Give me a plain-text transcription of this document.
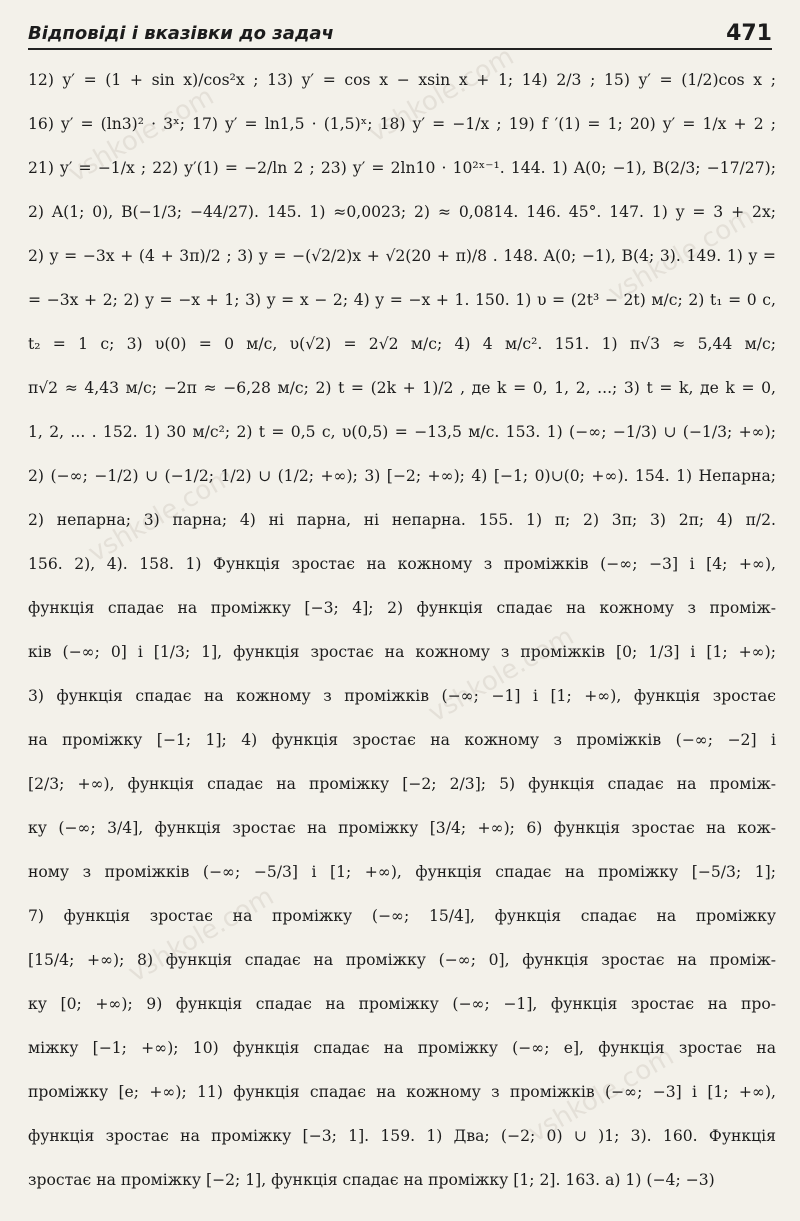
Відповіді і вказівки до задач	471
vshkole.com	vshkole.com
vshkole.com
vshkole.com
vshkole.com
vshkole.com
vshkole.com
12) y′ = (1 + sin x)/cos²x ; 13) y′ = cos x − xsin x + 1; 14) 2/3 ; 15) y′ = (1/2)cos x ;
16) y′ = (ln3)² · 3ˣ; 17) y′ = ln1,5 · (1,5)ˣ; 18) y′ = −1/x ; 19) f ′(1) = 1; 20) y′ = 1/x + 2 ;
21) y′ = −1/x ; 22) y′(1) = −2/ln 2 ; 23) y′ = 2ln10 · 10²ˣ⁻¹. 144. 1) A(0; −1), B(2/3; −17/27);
2) A(1; 0), B(−1/3; −44/27). 145. 1) ≈0,0023; 2) ≈ 0,0814. 146. 45°. 147. 1) y = 3 + 2x;
2) y = −3x + (4 + 3π)/2 ; 3) y = −(√2/2)x + √2(20 + π)/8 . 148. A(0; −1), B(4; 3). 149. 1) y =
= −3x + 2; 2) y = −x + 1; 3) y = x − 2; 4) y = −x + 1. 150. 1) υ = (2t³ − 2t) м/с; 2) t₁ = 0 с,
t₂ = 1 с; 3) υ(0) = 0 м/с, υ(√2) = 2√2 м/с; 4) 4 м/с². 151. 1) π√3 ≈ 5,44 м/с;
π√2 ≈ 4,43 м/с; −2π ≈ −6,28 м/с; 2) t = (2k + 1)/2 , де k = 0, 1, 2, ...; 3) t = k, де k = 0,
1, 2, ... . 152. 1) 30 м/с²; 2) t = 0,5 с, υ(0,5) = −13,5 м/с. 153. 1) (−∞; −1/3) ∪ (−1/3; +∞);
2) (−∞; −1/2) ∪ (−1/2; 1/2) ∪ (1/2; +∞); 3) [−2; +∞); 4) [−1; 0)∪(0; +∞). 154. 1) Непарна;
2) непарна; 3) парна; 4) ні парна, ні непарна. 155. 1) π; 2) 3π; 3) 2π; 4) π/2.
156. 2), 4). 158. 1) Функція зростає на кожному з проміжків (−∞; −3] і [4; +∞),
функція спадає на проміжку [−3; 4]; 2) функція спадає на кожному з промiж-
ків (−∞; 0] і [1/3; 1], функція зростає на кожному з проміжків [0; 1/3] і [1; +∞);
3) функція спадає на кожному з проміжків (−∞; −1] і [1; +∞), функція зростає
на проміжку [−1; 1]; 4) функція зростає на кожному з проміжків (−∞; −2] і
[2/3; +∞), функція спадає на проміжку [−2; 2/3]; 5) функція спадає на промiж-
ку (−∞; 3/4], функція зростає на проміжку [3/4; +∞); 6) функція зростає на кож-
ному з проміжків (−∞; −5/3] і [1; +∞), функція спадає на проміжку [−5/3; 1];
7) функція зростає на проміжку (−∞; 15/4], функція спадає на проміжку
[15/4; +∞); 8) функція спадає на проміжку (−∞; 0], функція зростає на промiж-
ку [0; +∞); 9) функція спадає на проміжку (−∞; −1], функція зростає на про-
міжку [−1; +∞); 10) функція спадає на проміжку (−∞; e], функція зростає на
проміжку [e; +∞); 11) функція спадає на кожному з проміжків (−∞; −3] і [1; +∞),
функція зростає на проміжку [−3; 1]. 159. 1) Два; (−2; 0) ∪ )1; 3). 160. Функція
зростає на проміжку [−2; 1], функція спадає на проміжку [1; 2]. 163. а) 1) (−4; −3)
